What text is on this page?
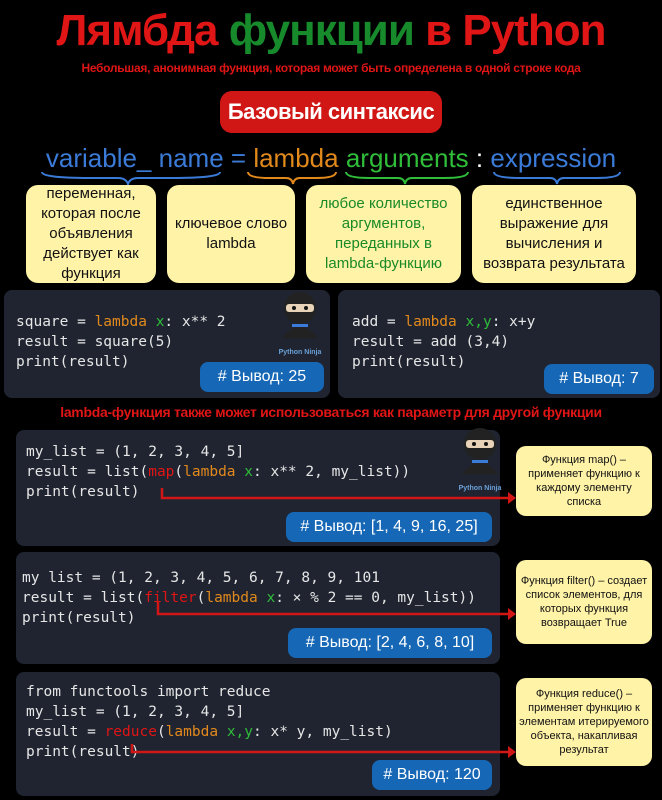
Лямбда функции в Python
Небольшая, анонимная функция, которая может быть определена в одной строке кода
Базовый синтаксис
variable_ name = lambda arguments : expression
переменная, которая после объявления действует как функция
ключевое слово lambda
любое количество аргументов, переданных в lambda-функцию
единственное выражение для вычисления и возврата результата
square = lambda x: x** 2
result = square(5)
print(result)
# Вывод: 25
add = lambda x,y: x+y
result = add (3,4)
print(result)
# Вывод: 7
Python Ninja
lambda-функция также может использоваться как параметр для другой функции
my_list = (1, 2, 3, 4, 5]
result = list(map(lambda x: x** 2, my_list))
print(result)
# Вывод: [1, 4, 9, 16, 25]
my list = (1, 2, 3, 4, 5, 6, 7, 8, 9, 101
result = list(filter(lambda x: × % 2 == 0, my_list))
print(result)
# Вывод: [2, 4, 6, 8, 10]
from functools import reduce
my_list = (1, 2, 3, 4, 5]
result = reduce(lambda x,y: x* y, my_list)
print(result)
# Вывод: 120
Python Ninja
Функция map() – применяет функцию к каждому элементу списка
Функция filter() – создает список элементов, для которых функция возвращает True
Функция reduce() – применяет функцию к элементам итерируемого объекта, накапливая результат
